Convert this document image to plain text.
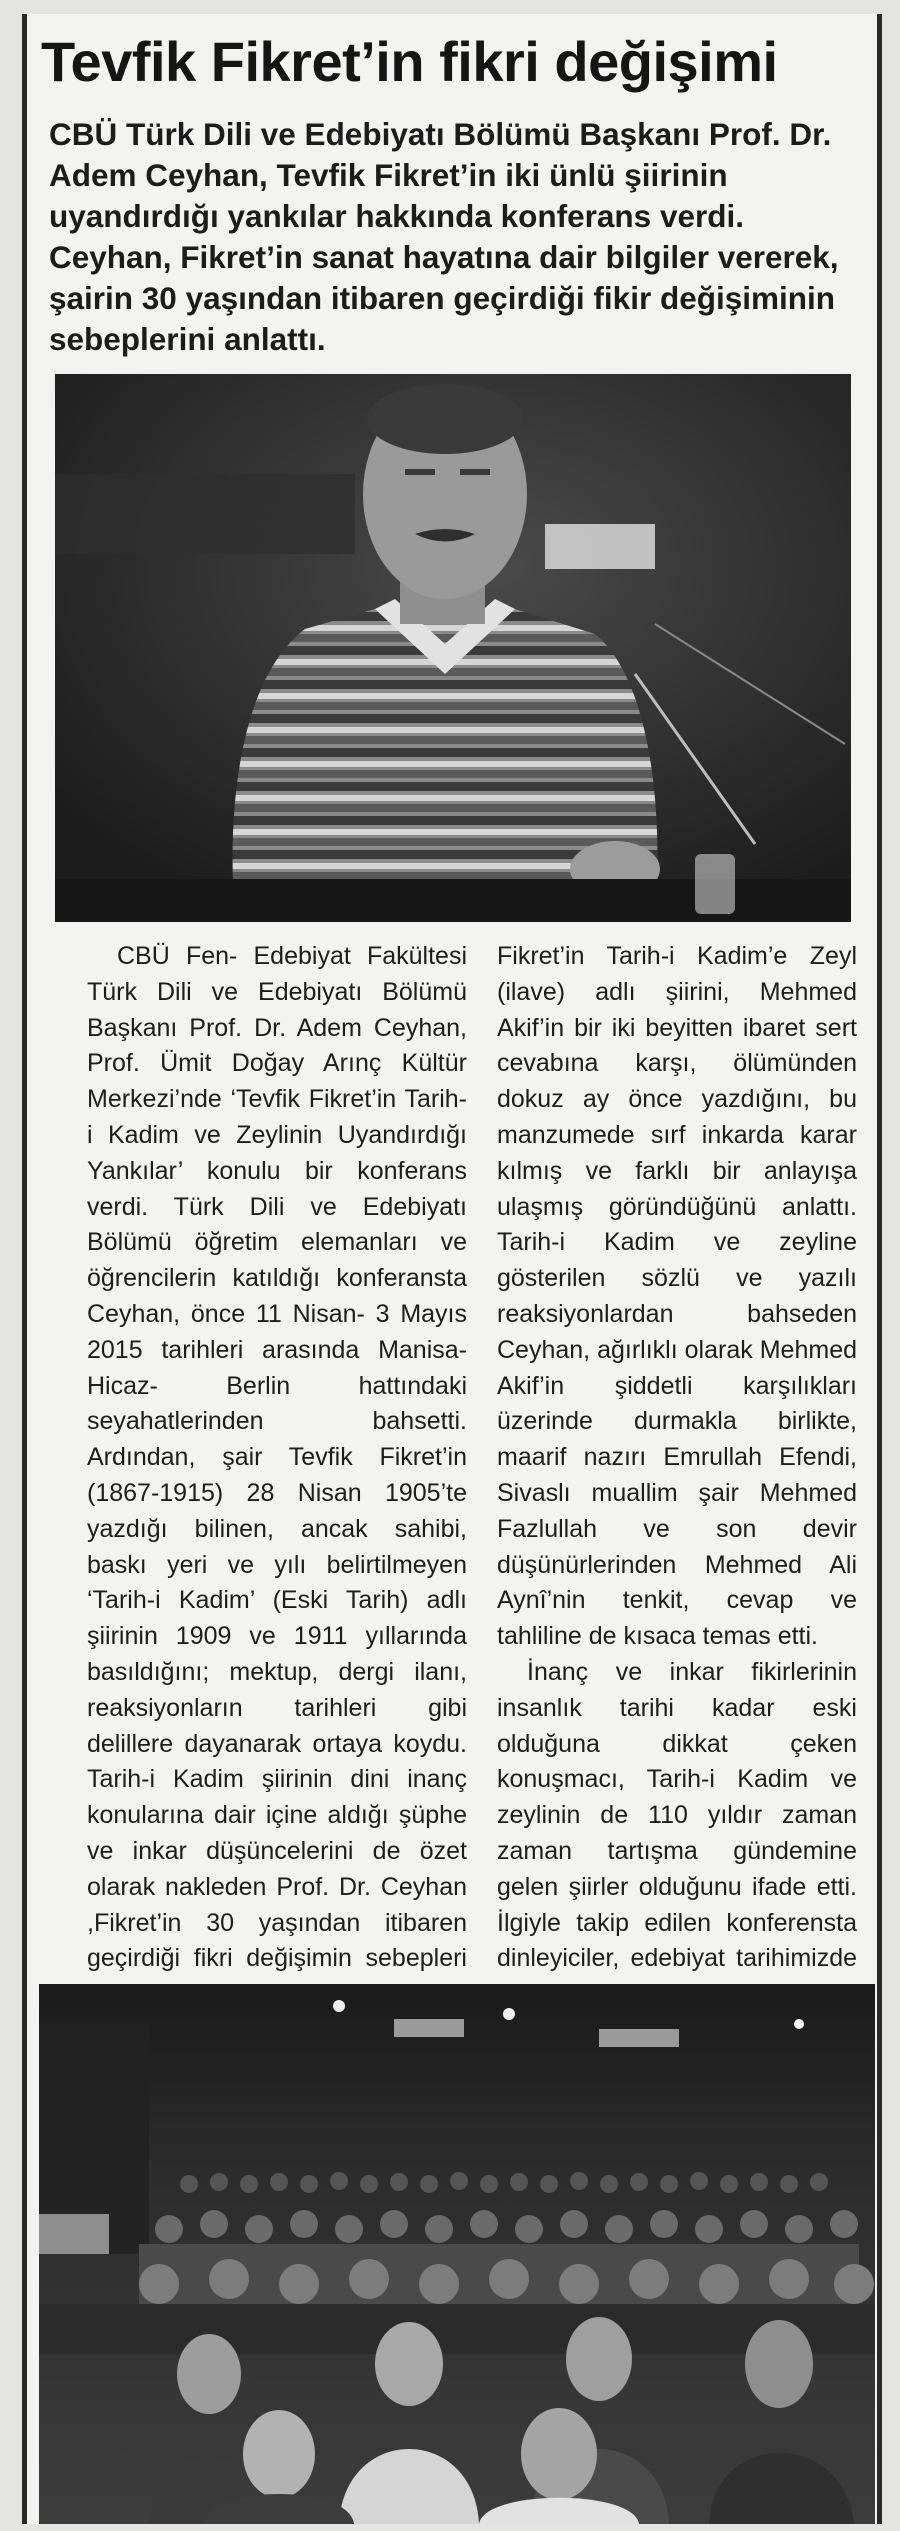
Tevfik Fikret’in fikri değişimi

CBÜ Türk Dili ve Edebiyatı Bölümü Başkanı Prof. Dr. Adem Ceyhan, Tevfik Fikret’in iki ünlü şiirinin uyandırdığı yankılar hakkında konferans verdi. Ceyhan, Fikret’in sanat hayatına dair bilgiler vererek, şairin 30 yaşından itibaren geçirdiği fikir değişiminin sebeplerini anlattı.

CBÜ Fen- Edebiyat Fakültesi Türk Dili ve Edebiyatı Bölümü Başkanı Prof. Dr. Adem Ceyhan, Prof. Ümit Doğay Arınç Kültür Merkezi’nde ‘Tevfik Fikret’in Tarih-i Kadim ve Zeylinin Uyandırdığı Yankılar’ konulu bir konferans verdi. Türk Dili ve Edebiyatı Bölümü öğretim elemanları ve öğrencilerin katıldığı konferansta Ceyhan, önce 11 Nisan- 3 Mayıs 2015 tarihleri arasında Manisa-Hicaz- Berlin hattındaki seyahatlerinden bahsetti. Ardından, şair Tevfik Fikret’in (1867-1915) 28 Nisan 1905’te yazdığı bilinen, ancak sahibi, baskı yeri ve yılı belirtilmeyen ‘Tarih-i Kadim’ (Eski Tarih) adlı şiirinin 1909 ve 1911 yıllarında basıldığını; mektup, dergi ilanı, reaksiyonların tarihleri gibi delillere dayanarak ortaya koydu. Tarih-i Kadim şiirinin dini inanç konularına dair içine aldığı şüphe ve inkar düşüncelerini de özet olarak nakleden Prof. Dr. Ceyhan ,Fikret’in 30 yaşından itibaren geçirdiği fikri değişimin sebepleri

Fikret’in Tarih-i Kadim’e Zeyl (ilave) adlı şiirini, Mehmed Akif’in bir iki beyitten ibaret sert cevabına karşı, ölümünden dokuz ay önce yazdığını, bu manzumede sırf inkarda karar kılmış ve farklı bir anlayışa ulaşmış göründüğünü anlattı. Tarih-i Kadim ve zeyline gösterilen sözlü ve yazılı reaksiyonlardan bahseden Ceyhan, ağırlıklı olarak Mehmed Akif’in şiddetli karşılıkları üzerinde durmakla birlikte, maarif nazırı Emrullah Efendi, Sivaslı muallim şair Mehmed Fazlullah ve son devir düşünürlerinden Mehmed Ali Aynî’nin tenkit, cevap ve tahliline de kısaca temas etti.

İnanç ve inkar fikirlerinin insanlık tarihi kadar eski olduğuna dikkat çeken konuşmacı, Tarih-i Kadim ve zeylinin de 110 yıldır zaman zaman tartışma gündemine gelen şiirler olduğunu ifade etti. İlgiyle takip edilen konferensta dinleyiciler, edebiyat tarihimizde
